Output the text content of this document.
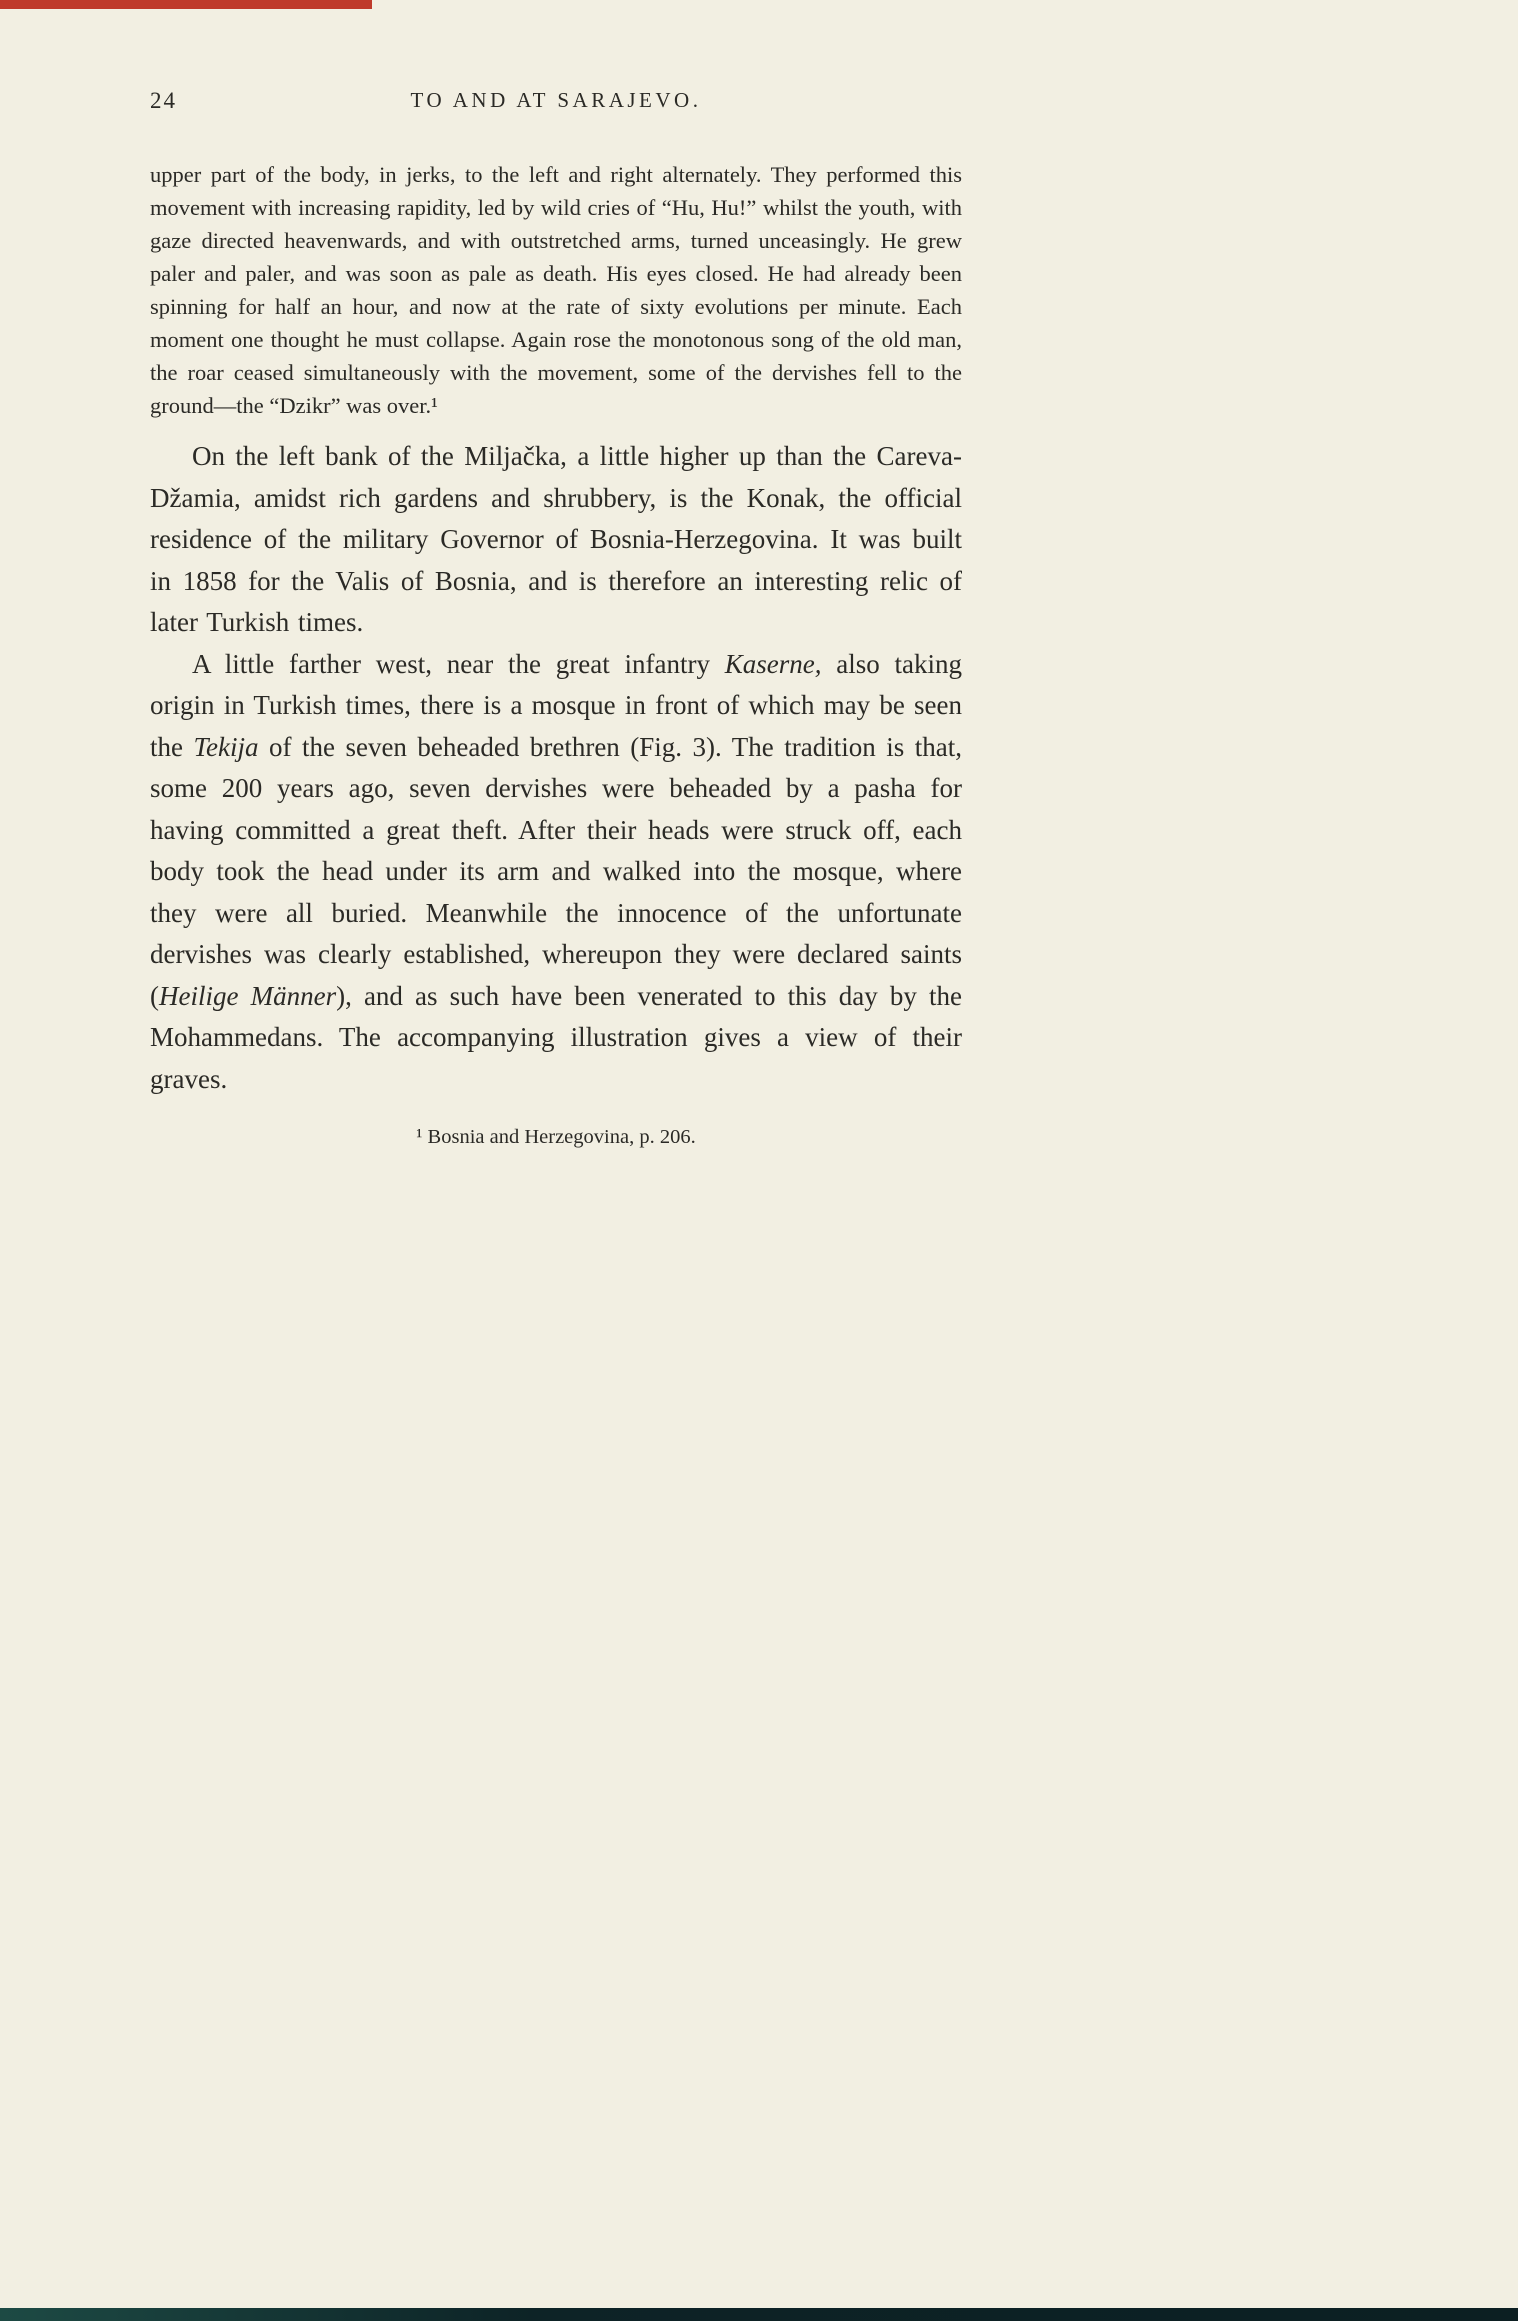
24	TO AND AT SARAJEVO.

upper part of the body, in jerks, to the left and right alternately. They performed this movement with increasing rapidity, led by wild cries of “Hu, Hu!” whilst the youth, with gaze directed heavenwards, and with outstretched arms, turned unceasingly. He grew paler and paler, and was soon as pale as death. His eyes closed. He had already been spinning for half an hour, and now at the rate of sixty evolutions per minute. Each moment one thought he must collapse. Again rose the monotonous song of the old man, the roar ceased simultaneously with the movement, some of the dervishes fell to the ground—the “Dzikr” was over.¹

On the left bank of the Miljačka, a little higher up than the Careva-Džamia, amidst rich gardens and shrubbery, is the Konak, the official residence of the military Governor of Bosnia-Herzegovina. It was built in 1858 for the Valis of Bosnia, and is therefore an interesting relic of later Turkish times.

A little farther west, near the great infantry Kaserne, also taking origin in Turkish times, there is a mosque in front of which may be seen the Tekija of the seven beheaded brethren (Fig. 3). The tradition is that, some 200 years ago, seven dervishes were beheaded by a pasha for having committed a great theft. After their heads were struck off, each body took the head under its arm and walked into the mosque, where they were all buried. Meanwhile the innocence of the unfortunate dervishes was clearly established, whereupon they were declared saints (Heilige Männer), and as such have been venerated to this day by the Mohammedans. The accompanying illustration gives a view of their graves.

¹ Bosnia and Herzegovina, p. 206.
